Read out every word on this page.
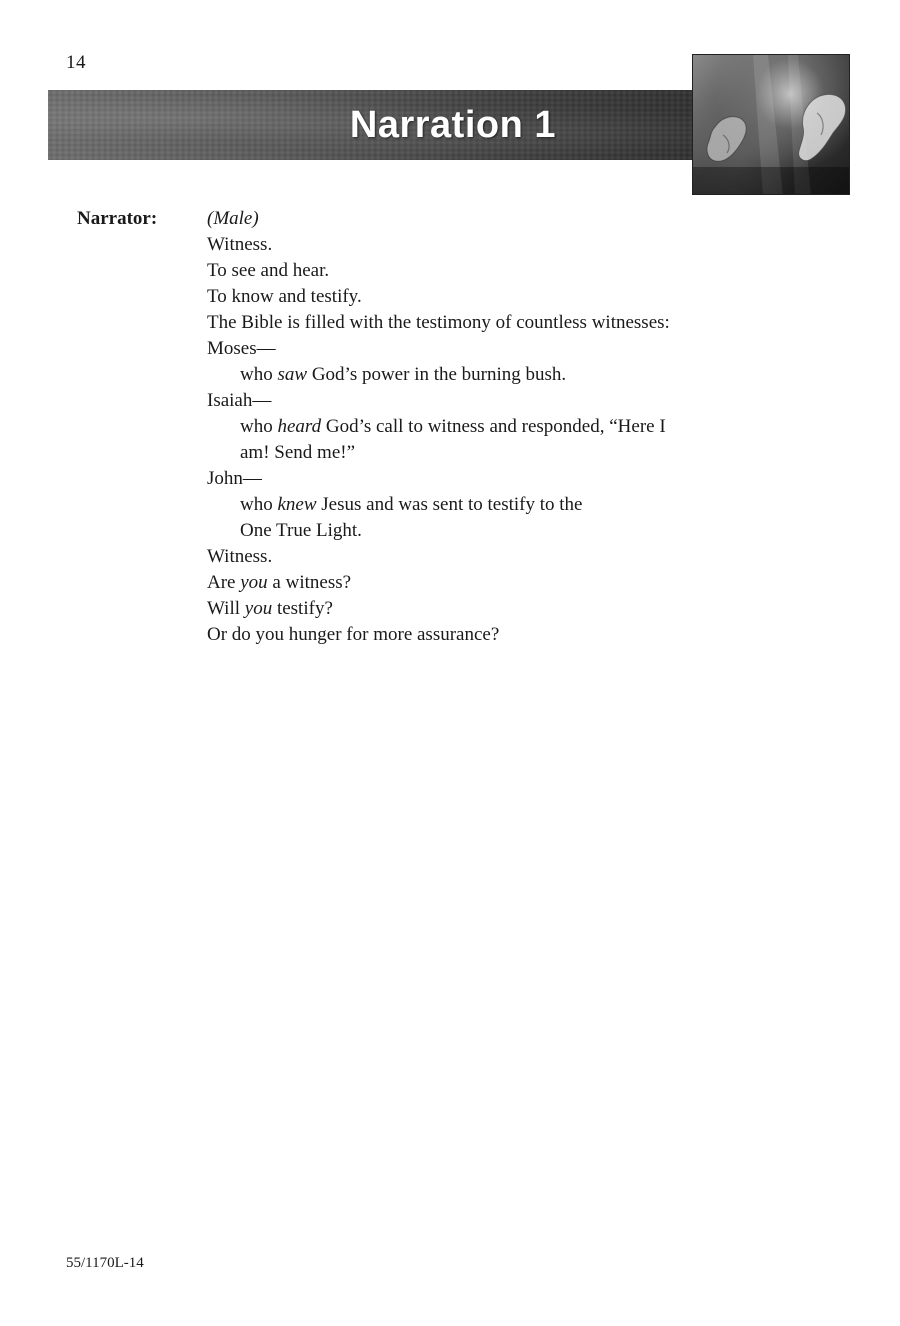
14
Narration 1
Narrator:	(Male)
Witness.
To see and hear.
To know and testify.
The Bible is filled with the testimony of countless witnesses:
Moses—
who saw God’s power in the burning bush.
Isaiah—
who heard God’s call to witness and responded, “Here I
am! Send me!”
John—
who knew Jesus and was sent to testify to the
One True Light.
Witness.
Are you a witness?
Will you testify?
Or do you hunger for more assurance?
55/1170L-14
